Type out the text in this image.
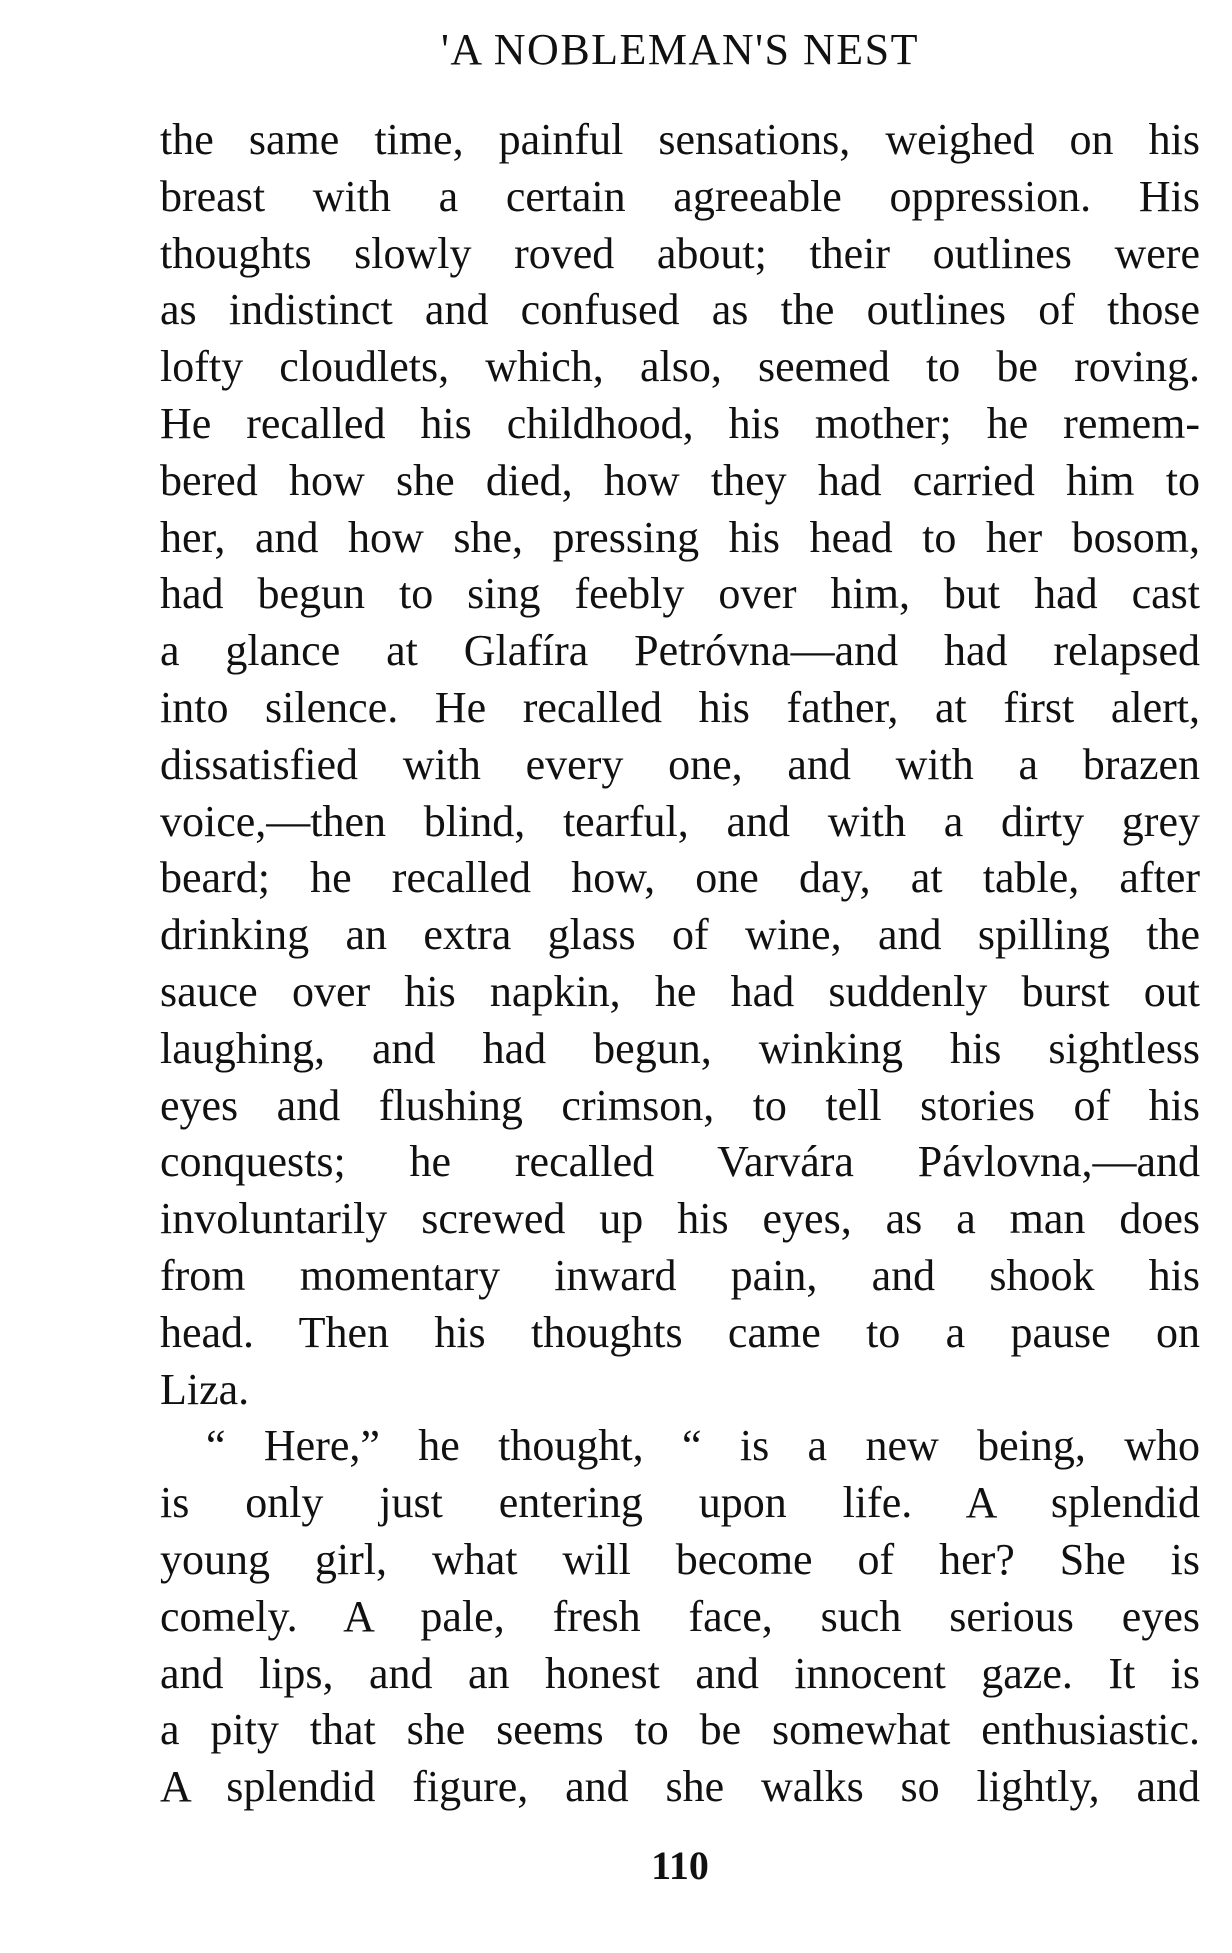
'A NOBLEMAN'S NEST
the same time, painful sensations, weighed on his
breast with a certain agreeable oppression. His
thoughts slowly roved about; their outlines were
as indistinct and confused as the outlines of those
lofty cloudlets, which, also, seemed to be roving.
He recalled his childhood, his mother; he remem-
bered how she died, how they had carried him to
her, and how she, pressing his head to her bosom,
had begun to sing feebly over him, but had cast
a glance at Glafíra Petróvna—and had relapsed
into silence. He recalled his father, at first alert,
dissatisfied with every one, and with a brazen
voice,—then blind, tearful, and with a dirty grey
beard; he recalled how, one day, at table, after
drinking an extra glass of wine, and spilling the
sauce over his napkin, he had suddenly burst out
laughing, and had begun, winking his sightless
eyes and flushing crimson, to tell stories of his
conquests; he recalled Varvára Pávlovna,—and
involuntarily screwed up his eyes, as a man does
from momentary inward pain, and shook his
head. Then his thoughts came to a pause on
Liza.
“ Here,” he thought, “ is a new being, who
is only just entering upon life. A splendid
young girl, what will become of her? She is
comely. A pale, fresh face, such serious eyes
and lips, and an honest and innocent gaze. It is
a pity that she seems to be somewhat enthusiastic.
A splendid figure, and she walks so lightly, and
110
